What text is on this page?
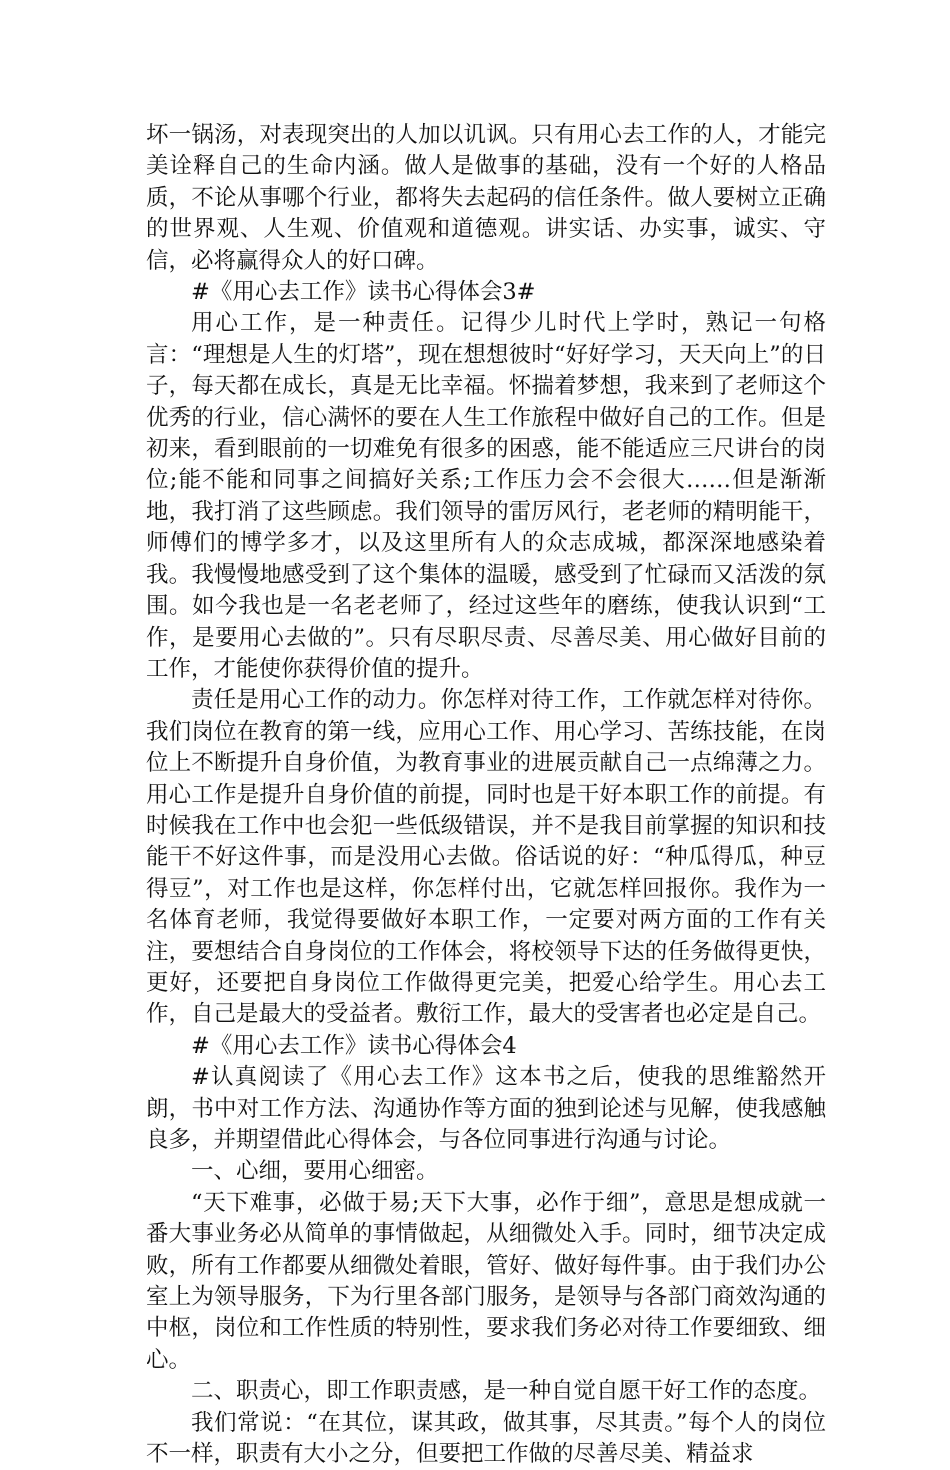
坏一锅汤，对表现突出的人加以讥讽。只有用心去工作的人，才能完美诠释自己的生命内涵。做人是做事的基础，没有一个好的人格品质，不论从事哪个行业，都将失去起码的信任条件。做人要树立正确的世界观、人生观、价值观和道德观。讲实话、办实事，诚实、守信，必将赢得众人的好口碑。

#《用心去工作》读书心得体会3#

用心工作，是一种责任。记得少儿时代上学时，熟记一句格言：“理想是人生的灯塔”，现在想想彼时“好好学习，天天向上”的日子，每天都在成长，真是无比幸福。怀揣着梦想，我来到了老师这个优秀的行业，信心满怀的要在人生工作旅程中做好自己的工作。但是初来，看到眼前的一切难免有很多的困惑，能不能适应三尺讲台的岗位;能不能和同事之间搞好关系;工作压力会不会很大……但是渐渐地，我打消了这些顾虑。我们领导的雷厉风行，老老师的精明能干，师傅们的博学多才，以及这里所有人的众志成城，都深深地感染着我。我慢慢地感受到了这个集体的温暖，感受到了忙碌而又活泼的氛围。如今我也是一名老老师了，经过这些年的磨练，使我认识到“工作，是要用心去做的”。只有尽职尽责、尽善尽美、用心做好目前的工作，才能使你获得价值的提升。

责任是用心工作的动力。你怎样对待工作，工作就怎样对待你。我们岗位在教育的第一线，应用心工作、用心学习、苦练技能，在岗位上不断提升自身价值，为教育事业的进展贡献自己一点绵薄之力。用心工作是提升自身价值的前提，同时也是干好本职工作的前提。有时候我在工作中也会犯一些低级错误，并不是我目前掌握的知识和技能干不好这件事，而是没用心去做。俗话说的好：“种瓜得瓜，种豆得豆”，对工作也是这样，你怎样付出，它就怎样回报你。我作为一名体育老师，我觉得要做好本职工作，一定要对两方面的工作有关注，要想结合自身岗位的工作体会，将校领导下达的任务做得更快，更好，还要把自身岗位工作做得更完美，把爱心给学生。用心去工作，自己是最大的受益者。敷衍工作，最大的受害者也必定是自己。

#《用心去工作》读书心得体会4

#认真阅读了《用心去工作》这本书之后，使我的思维豁然开朗，书中对工作方法、沟通协作等方面的独到论述与见解，使我感触良多，并期望借此心得体会，与各位同事进行沟通与讨论。

一、心细，要用心细密。

“天下难事，必做于易;天下大事，必作于细”，意思是想成就一番大事业务必从简单的事情做起，从细微处入手。同时，细节决定成败，所有工作都要从细微处着眼，管好、做好每件事。由于我们办公室上为领导服务，下为行里各部门服务，是领导与各部门商效沟通的中枢，岗位和工作性质的特别性，要求我们务必对待工作要细致、细心。

二、职责心，即工作职责感，是一种自觉自愿干好工作的态度。

我们常说：“在其位，谋其政，做其事，尽其责。”每个人的岗位不一样，职责有大小之分，但要把工作做的尽善尽美、精益求
